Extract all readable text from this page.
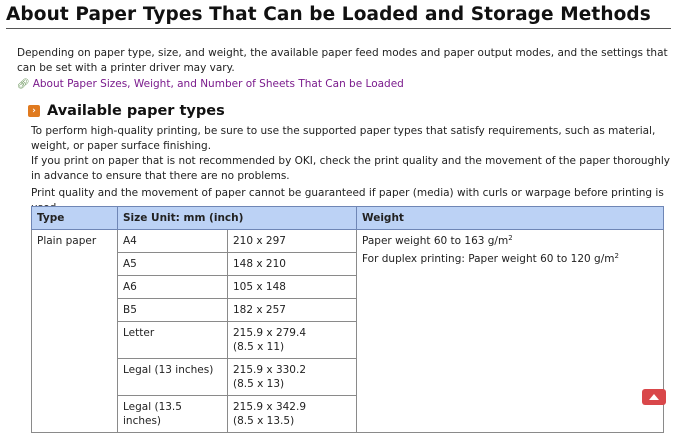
About Paper Types That Can be Loaded and Storage Methods
Depending on paper type, size, and weight, the available paper feed modes and paper output modes, and the settings that can be set with a printer driver may vary.
🔗︎ About Paper Sizes, Weight, and Number of Sheets That Can be Loaded
› Available paper types
To perform high-quality printing, be sure to use the supported paper types that satisfy requirements, such as material, weight, or paper surface finishing.
If you print on paper that is not recommended by OKI, check the print quality and the movement of the paper thoroughly in advance to ensure that there are no problems.
Print quality and the movement of paper cannot be guaranteed if paper (media) with curls or warpage before printing is
Type	Size Unit: mm (inch)		Weight
Plain paper	A4	210 x 297	Paper weight 60 to 163 $g/m^2$
For duplex printing: Paper weight 60 to 120 $g/m^2$

	A5	148 x 210	
	A6	105 x 148	
	B5	182 x 257	
	Letter	215.9 x 279.4
(8.5 x 11)	
	Legal (13 inches)	215.9 x 330.2
(8.5 x 13)	
	Legal (13.5 inches)	215.9 x 342.9
(8.5 x 13.5)	
